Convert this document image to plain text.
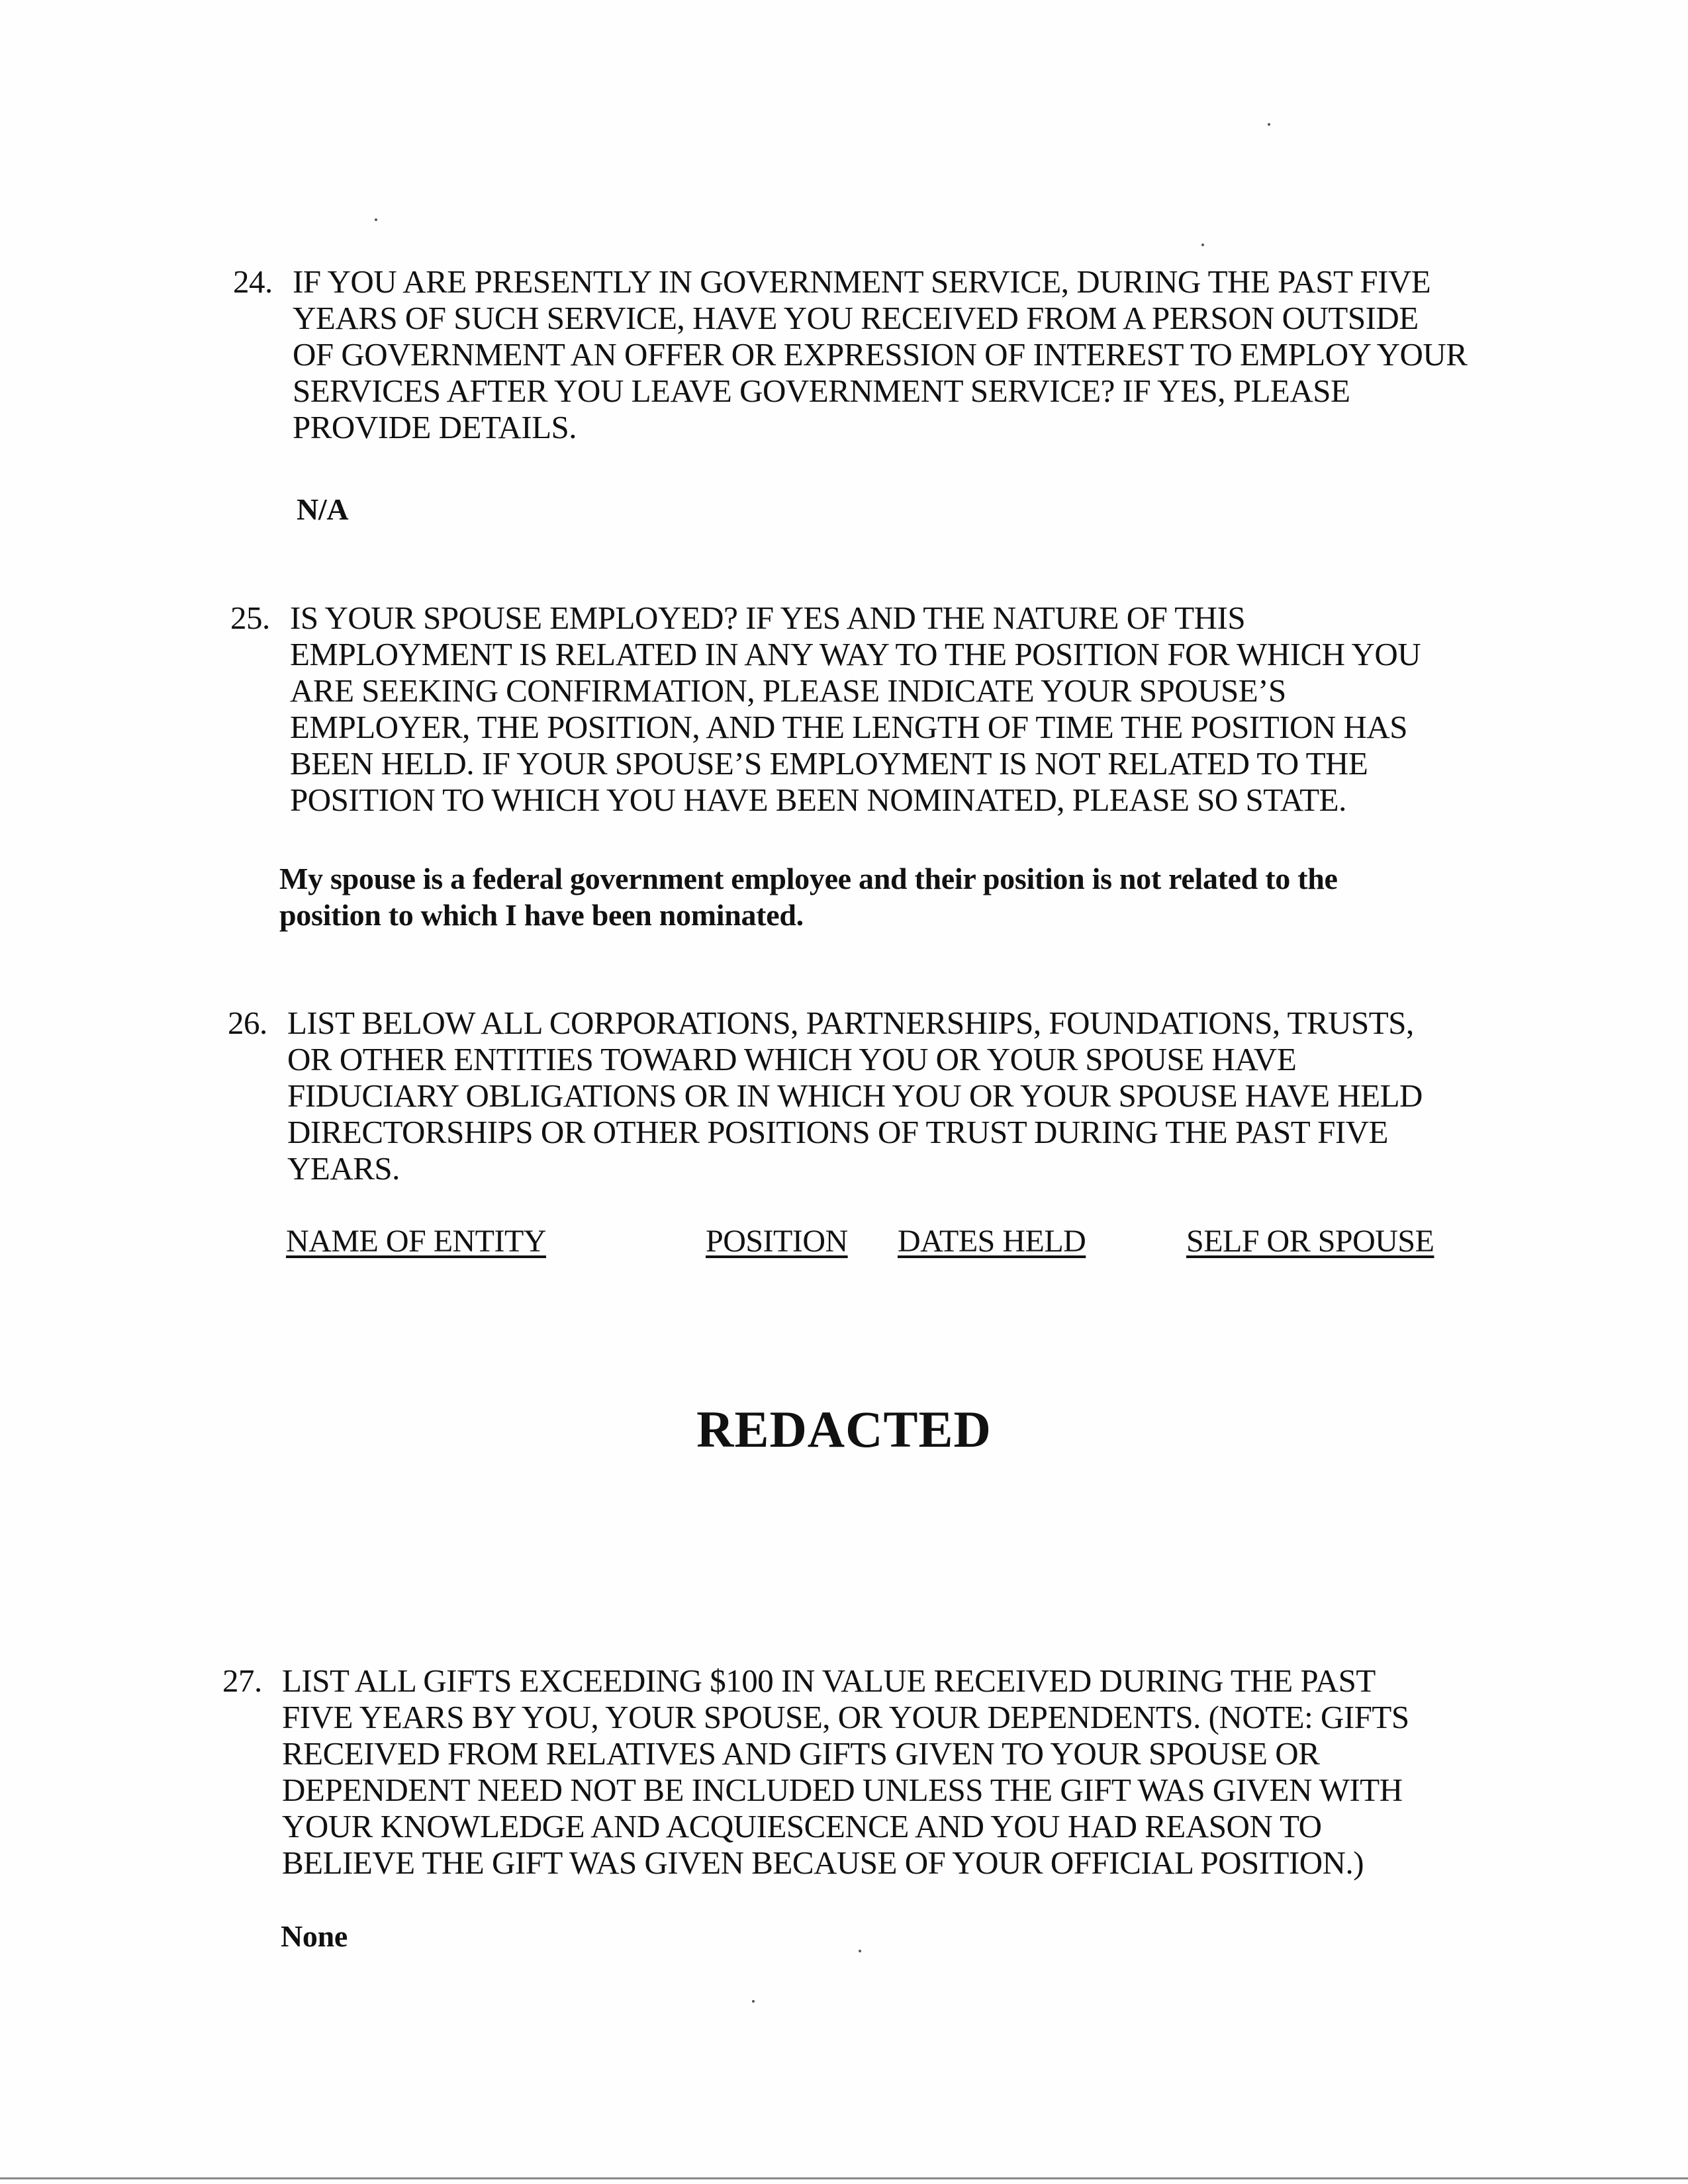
24. IF YOU ARE PRESENTLY IN GOVERNMENT SERVICE, DURING THE PAST FIVE
YEARS OF SUCH SERVICE, HAVE YOU RECEIVED FROM A PERSON OUTSIDE
OF GOVERNMENT AN OFFER OR EXPRESSION OF INTEREST TO EMPLOY YOUR
SERVICES AFTER YOU LEAVE GOVERNMENT SERVICE? IF YES, PLEASE
PROVIDE DETAILS.
N/A
25. IS YOUR SPOUSE EMPLOYED? IF YES AND THE NATURE OF THIS
EMPLOYMENT IS RELATED IN ANY WAY TO THE POSITION FOR WHICH YOU
ARE SEEKING CONFIRMATION, PLEASE INDICATE YOUR SPOUSE’S
EMPLOYER, THE POSITION, AND THE LENGTH OF TIME THE POSITION HAS
BEEN HELD. IF YOUR SPOUSE’S EMPLOYMENT IS NOT RELATED TO THE
POSITION TO WHICH YOU HAVE BEEN NOMINATED, PLEASE SO STATE.
My spouse is a federal government employee and their position is not related to the
position to which I have been nominated.
26. LIST BELOW ALL CORPORATIONS, PARTNERSHIPS, FOUNDATIONS, TRUSTS,
OR OTHER ENTITIES TOWARD WHICH YOU OR YOUR SPOUSE HAVE
FIDUCIARY OBLIGATIONS OR IN WHICH YOU OR YOUR SPOUSE HAVE HELD
DIRECTORSHIPS OR OTHER POSITIONS OF TRUST DURING THE PAST FIVE
YEARS.
NAME OF ENTITY	POSITION DATES HELD	SELF OR SPOUSE
REDACTED
27. LIST ALL GIFTS EXCEEDING $100 IN VALUE RECEIVED DURING THE PAST
FIVE YEARS BY YOU, YOUR SPOUSE, OR YOUR DEPENDENTS. (NOTE: GIFTS
RECEIVED FROM RELATIVES AND GIFTS GIVEN TO YOUR SPOUSE OR
DEPENDENT NEED NOT BE INCLUDED UNLESS THE GIFT WAS GIVEN WITH
YOUR KNOWLEDGE AND ACQUIESCENCE AND YOU HAD REASON TO
BELIEVE THE GIFT WAS GIVEN BECAUSE OF YOUR OFFICIAL POSITION.)
None
